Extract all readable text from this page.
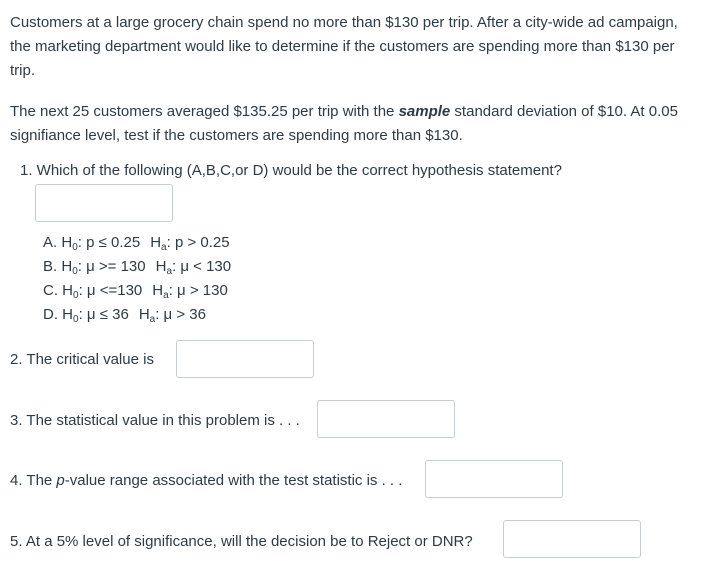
Customers at a large grocery chain spend no more than $130 per trip. After a city-wide ad campaign, the marketing department would like to determine if the customers are spending more than $130 per trip.

The next 25 customers averaged $135.25 per trip with the sample standard deviation of $10. At 0.05 signifiance level, test if the customers are spending more than $130.

1. Which of the following (A,B,C,or D) would be the correct hypothesis statement?
A. $H_0$: p ≤ 0.25 $H_a$: p > 0.25
B. $H_0$: μ >= 130 $H_a$: μ < 130
C. $H_0$: μ <=130 $H_a$: μ > 130
D. $H_0$: μ ≤ 36 $H_a$: μ > 36
2. The critical value is
3. The statistical value in this problem is . . .
4. The p-value range associated with the test statistic is . . .
5. At a 5% level of significance, will the decision be to Reject or DNR?
